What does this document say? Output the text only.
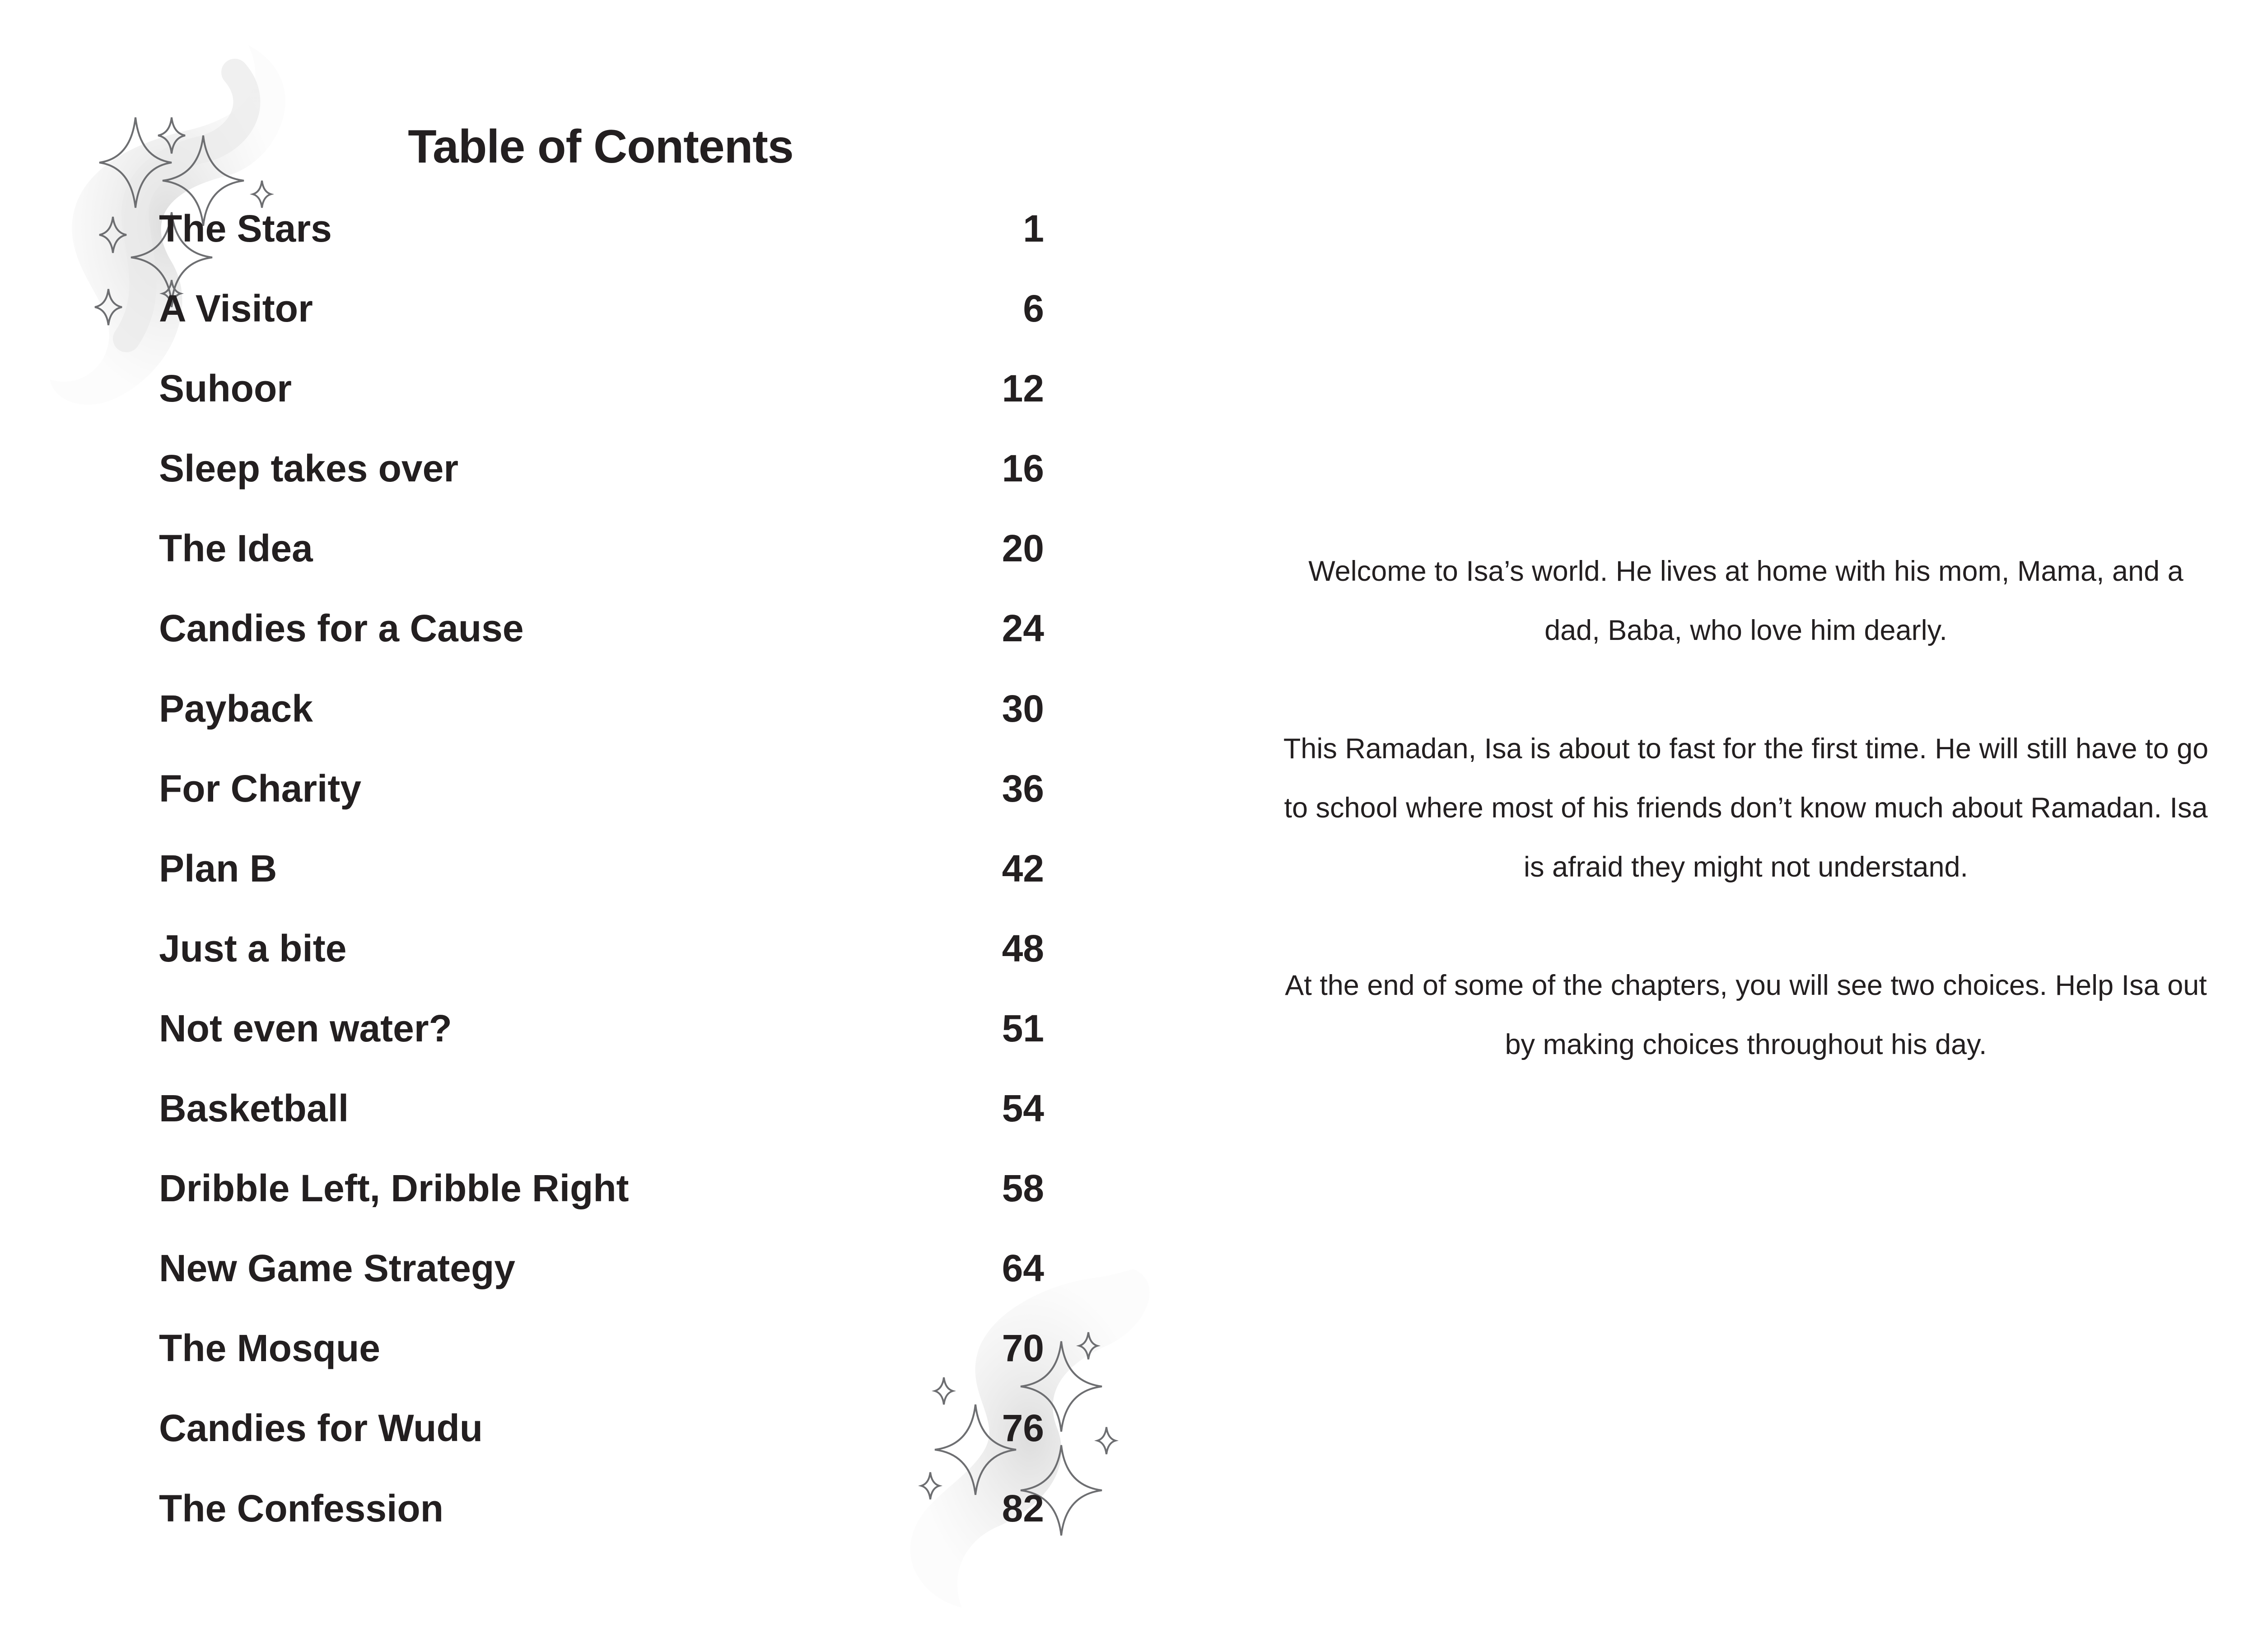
Table of Contents
The Stars	1
A Visitor	6
Suhoor	12
Sleep takes over	16
The Idea	20
Candies for a Cause	24
Payback	30
For Charity	36
Plan B	42
Just a bite	48
Not even water?	51
Basketball	54
Dribble Left, Dribble Right	58
New Game Strategy	64
The Mosque	70
Candies for Wudu	76
The Confession	82

Welcome to Isa’s world. He lives at home with his mom, Mama, and a dad, Baba, who love him dearly.

This Ramadan, Isa is about to fast for the first time. He will still have to go to school where most of his friends don’t know much about Ramadan. Isa is afraid they might not understand.

At the end of some of the chapters, you will see two choices. Help Isa out by making choices throughout his day.
